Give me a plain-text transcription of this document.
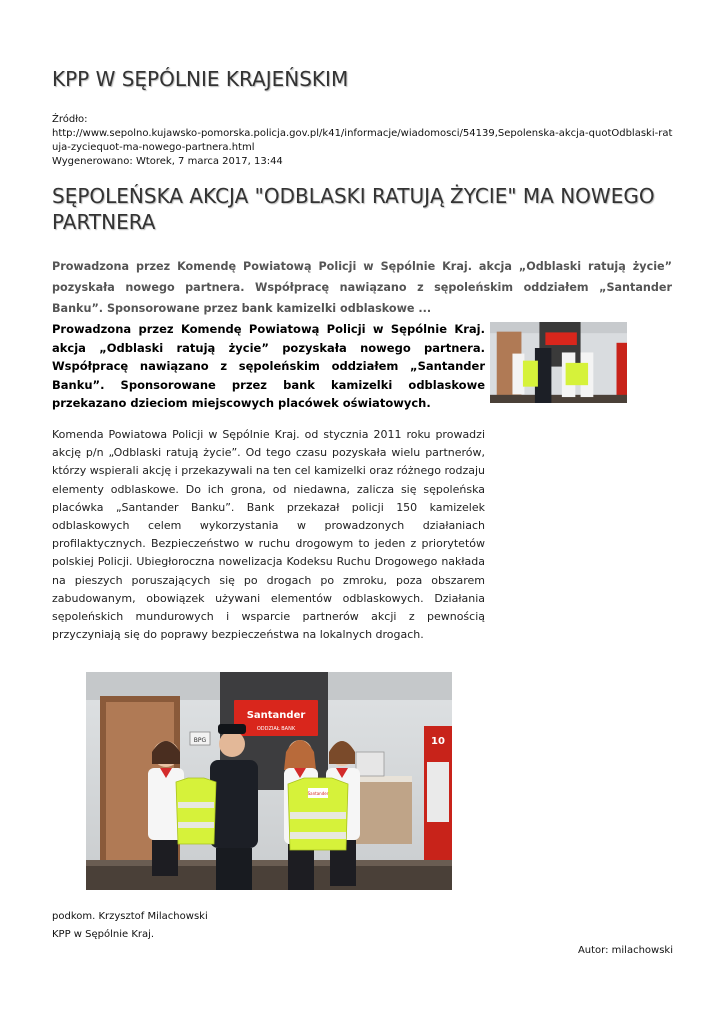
KPP W SĘPÓLNIE KRAJEŃSKIM
Źródło:
http://www.sepolno.kujawsko-pomorska.policja.gov.pl/k41/informacje/wiadomosci/54139,Sepolenska-akcja-quotOdblaski-ratuja-zyciequot-ma-nowego-partnera.html
Wygenerowano: Wtorek, 7 marca 2017, 13:44
SĘPOLEŃSKA AKCJA "ODBLASKI RATUJĄ ŻYCIE" MA NOWEGO PARTNERA

Prowadzona przez Komendę Powiatową Policji w Sępólnie Kraj. akcja „Odblaski ratują życie” pozyskała nowego partnera. Współpracę nawiązano z sępoleńskim oddziałem „Santander Banku”. Sponsorowane przez bank kamizelki odblaskowe ...

Prowadzona przez Komendę Powiatową Policji w Sępólnie Kraj. akcja „Odblaski ratują życie” pozyskała nowego partnera. Współpracę nawiązano z sępoleńskim oddziałem „Santander Banku”. Sponsorowane przez bank kamizelki odblaskowe przekazano dzieciom miejscowych placówek oświatowych.

Komenda Powiatowa Policji w Sępólnie Kraj. od stycznia 2011 roku prowadzi akcję p/n „Odblaski ratują życie”. Od tego czasu pozyskała wielu partnerów, którzy wspierali akcję i przekazywali na ten cel kamizelki oraz różnego rodzaju elementy odblaskowe. Do ich grona, od niedawna, zalicza się sępoleńska placówka „Santander Banku”. Bank przekazał policji 150 kamizelek odblaskowych celem wykorzystania w prowadzonych działaniach profilaktycznych. Bezpieczeństwo w ruchu drogowym to jeden z priorytetów polskiej Policji. Ubiegłoroczna nowelizacja Kodeksu Ruchu Drogowego nakłada na pieszych poruszających się po drogach po zmroku, poza obszarem zabudowanym, obowiązek używani elementów odblaskowych. Działania sępoleńskich mundurowych i wsparcie partnerów akcji z pewnością przyczyniają się do poprawy bezpieczeństwa na lokalnych drogach.

BPG
Santander
ODDZIAŁ BANK
10
Santander
podkom. Krzysztof Milachowski
KPP w Sępólnie Kraj.
Autor: milachowski
